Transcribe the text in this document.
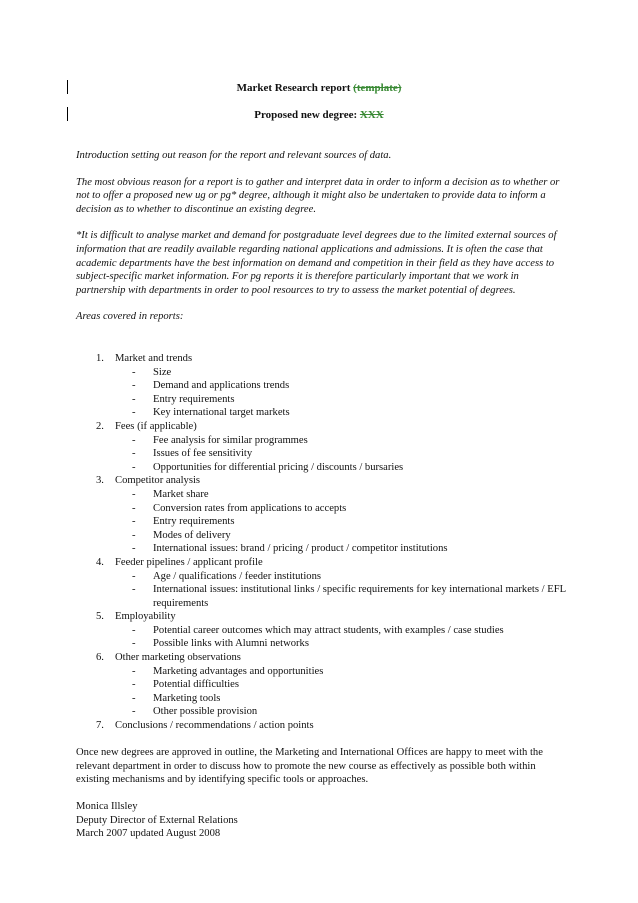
Market Research report (template)
Proposed new degree: XXX

Introduction setting out reason for the report and relevant sources of data.

The most obvious reason for a report is to gather and interpret data in order to inform a decision as to whether or not to offer a proposed new ug or pg* degree, although it might also be undertaken to provide data to inform a decision as to whether to discontinue an existing degree.

*It is difficult to analyse market and demand for postgraduate level degrees due to the limited external sources of information that are readily available regarding national applications and admissions. It is often the case that academic departments have the best information on demand and competition in their field as they have access to subject-specific market information. For pg reports it is therefore particularly important that we work in partnership with departments in order to pool resources to try to assess the market potential of degrees.

Areas covered in reports:

1. Market and trends
- Size
- Demand and applications trends
- Entry requirements
- Key international target markets
2. Fees (if applicable)
- Fee analysis for similar programmes
- Issues of fee sensitivity
- Opportunities for differential pricing / discounts / bursaries
3. Competitor analysis
- Market share
- Conversion rates from applications to accepts
- Entry requirements
- Modes of delivery
- International issues: brand / pricing / product / competitor institutions
4. Feeder pipelines / applicant profile
- Age / qualifications / feeder institutions
- International issues: institutional links / specific requirements for key international markets / EFL requirements
5. Employability
- Potential career outcomes which may attract students, with examples / case studies
- Possible links with Alumni networks
6. Other marketing observations
- Marketing advantages and opportunities
- Potential difficulties
- Marketing tools
- Other possible provision
7. Conclusions / recommendations / action points
Once new degrees are approved in outline, the Marketing and International Offices are happy to meet with the relevant department in order to discuss how to promote the new course as effectively as possible both within existing mechanisms and by identifying specific tools or approaches.
Monica Illsley
Deputy Director of External Relations
March 2007 updated August 2008
